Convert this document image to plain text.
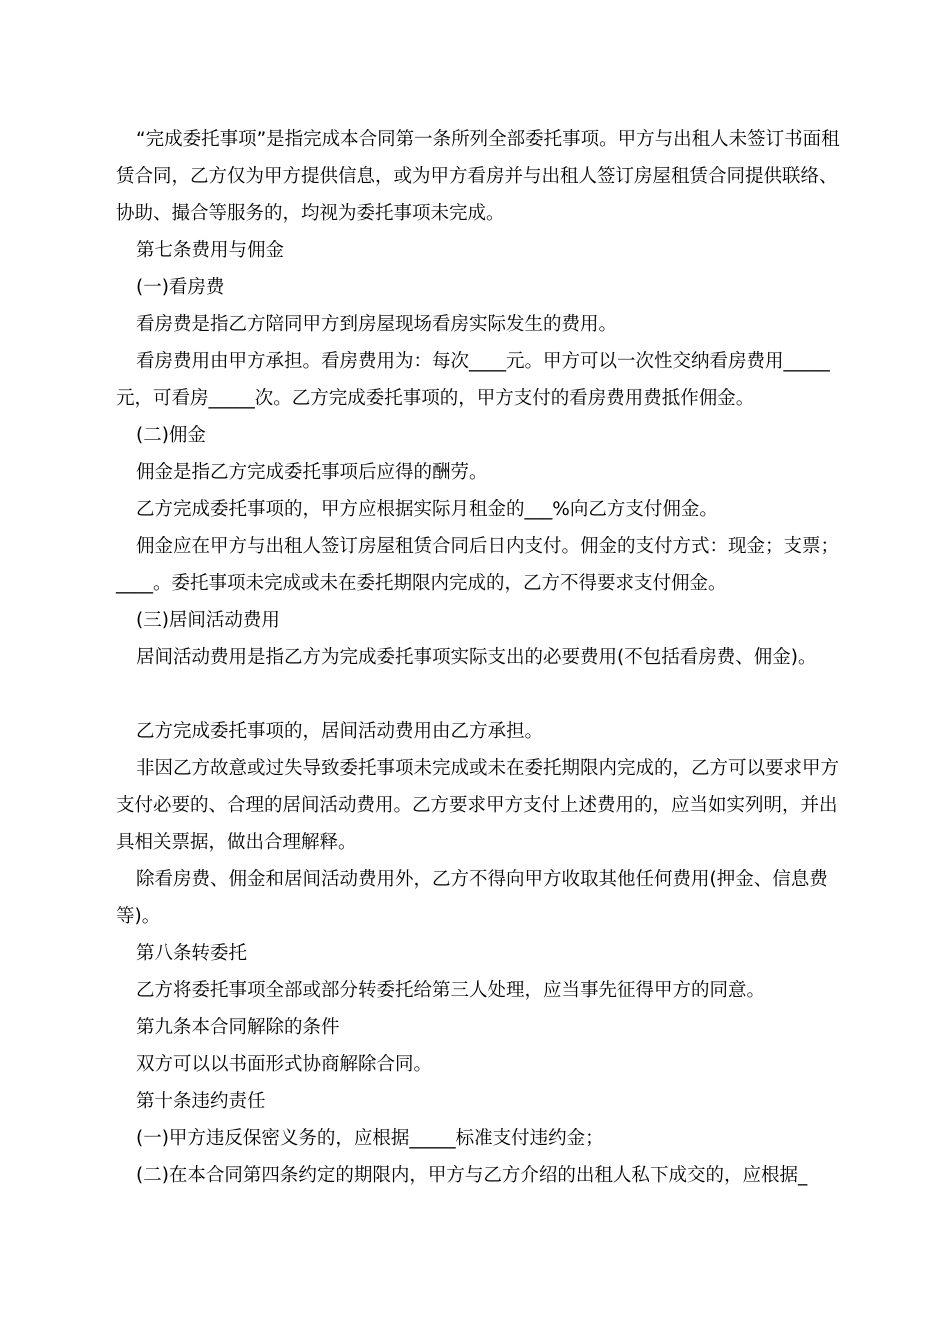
“完成委托事项”是指完成本合同第一条所列全部委托事项。甲方与出租人未签订书面租赁合同，乙方仅为甲方提供信息，或为甲方看房并与出租人签订房屋租赁合同提供联络、协助、撮合等服务的，均视为委托事项未完成。

第七条费用与佣金

(一)看房费

看房费是指乙方陪同甲方到房屋现场看房实际发生的费用。

看房费用由甲方承担。看房费用为：每次____元。甲方可以一次性交纳看房费用_____元，可看房_____次。乙方完成委托事项的，甲方支付的看房费用费抵作佣金。

(二)佣金

佣金是指乙方完成委托事项后应得的酬劳。

乙方完成委托事项的，甲方应根据实际月租金的___%向乙方支付佣金。

佣金应在甲方与出租人签订房屋租赁合同后日内支付。佣金的支付方式：现金；支票；____。委托事项未完成或未在委托期限内完成的，乙方不得要求支付佣金。

(三)居间活动费用

居间活动费用是指乙方为完成委托事项实际支出的必要费用(不包括看房费、佣金)。

乙方完成委托事项的，居间活动费用由乙方承担。

非因乙方故意或过失导致委托事项未完成或未在委托期限内完成的，乙方可以要求甲方支付必要的、合理的居间活动费用。乙方要求甲方支付上述费用的，应当如实列明，并出具相关票据，做出合理解释。

除看房费、佣金和居间活动费用外，乙方不得向甲方收取其他任何费用(押金、信息费等)。

第八条转委托

乙方将委托事项全部或部分转委托给第三人处理，应当事先征得甲方的同意。

第九条本合同解除的条件

双方可以以书面形式协商解除合同。

第十条违约责任

(一)甲方违反保密义务的，应根据_____标准支付违约金；

(二)在本合同第四条约定的期限内，甲方与乙方介绍的出租人私下成交的，应根据_
